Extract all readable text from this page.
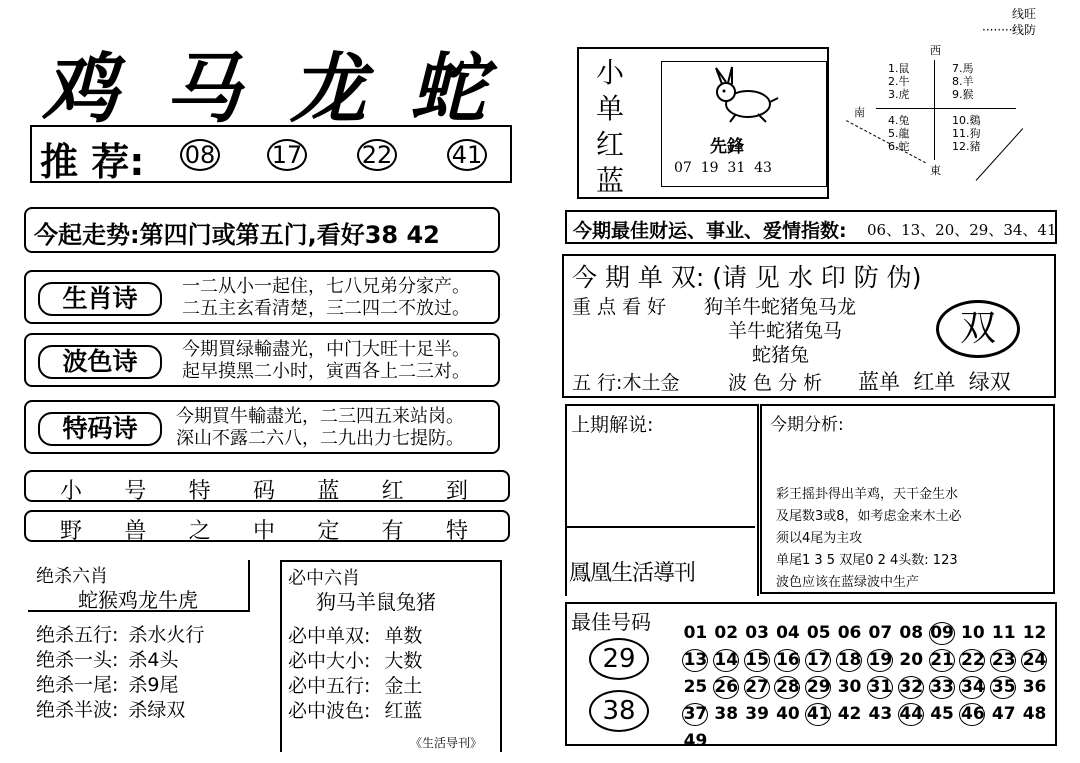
鸡 马 龙 蛇
推 荐: 08 17 22 41
今起走势:第四门或第五门,看好38 42
生肖诗	一二从小一起住，七八兄弟分家产。
二五主玄看清楚，三二四二不放过。
波色诗	今期買绿輸盡光，中门大旺十足半。
起早摸黑二小时，寅酉各上二三对。
特码诗	今期買牛輸盡光，二三四五来站岗。
深山不露二六八，二九出力七提防。
小 号 特 码 蓝 红 到
野 兽 之 中 定 有 特
绝杀六肖
蛇猴鸡龙牛虎
必中六肖
狗马羊鼠兔猪
绝杀五行: 杀水火行
绝杀一头: 杀4头
绝杀一尾: 杀9尾
绝杀半波: 杀绿双
必中单双: 单数
必中大小: 大数
必中五行: 金土
必中波色: 红蓝
《生活导刊》
小
单
红
蓝
先鋒
07  19  31  43
西
南
東
1.鼠
2.牛
3.虎
7.馬
8.羊
9.猴
4.兔
5.龍
6.蛇
10.鷄
11.狗
12.豬
线旺
·········
线防
今期最佳财运、事业、爱情指数: 06、13、20、29、34、41
今 期 单 双: (请 见 水 印 防 伪)
重 点 看 好 狗羊牛蛇猪兔马龙
羊牛蛇猪兔马
蛇猪兔
双
五 行:木土金	波 色 分 析 蓝单  红单  绿双
上期解说:
鳳凰生活導刊
今期分析:
彩王摇卦得出羊鸡，天干金生水
及尾数3或8，如考虑金来木土必
须以4尾为主攻
单尾1 3 5 双尾0 2 4头数: 123
波色应该在蓝绿波中生产
最佳号码
29
38
01 02 03 04 05 06 07 08 09 10 11 12
13 14 15 16 17 18 19 20 21 22 23 24
25 26 27 28 29 30 31 32 33 34 35 36
37 38 39 40 41 42 43 44 45 46 47 48
49
